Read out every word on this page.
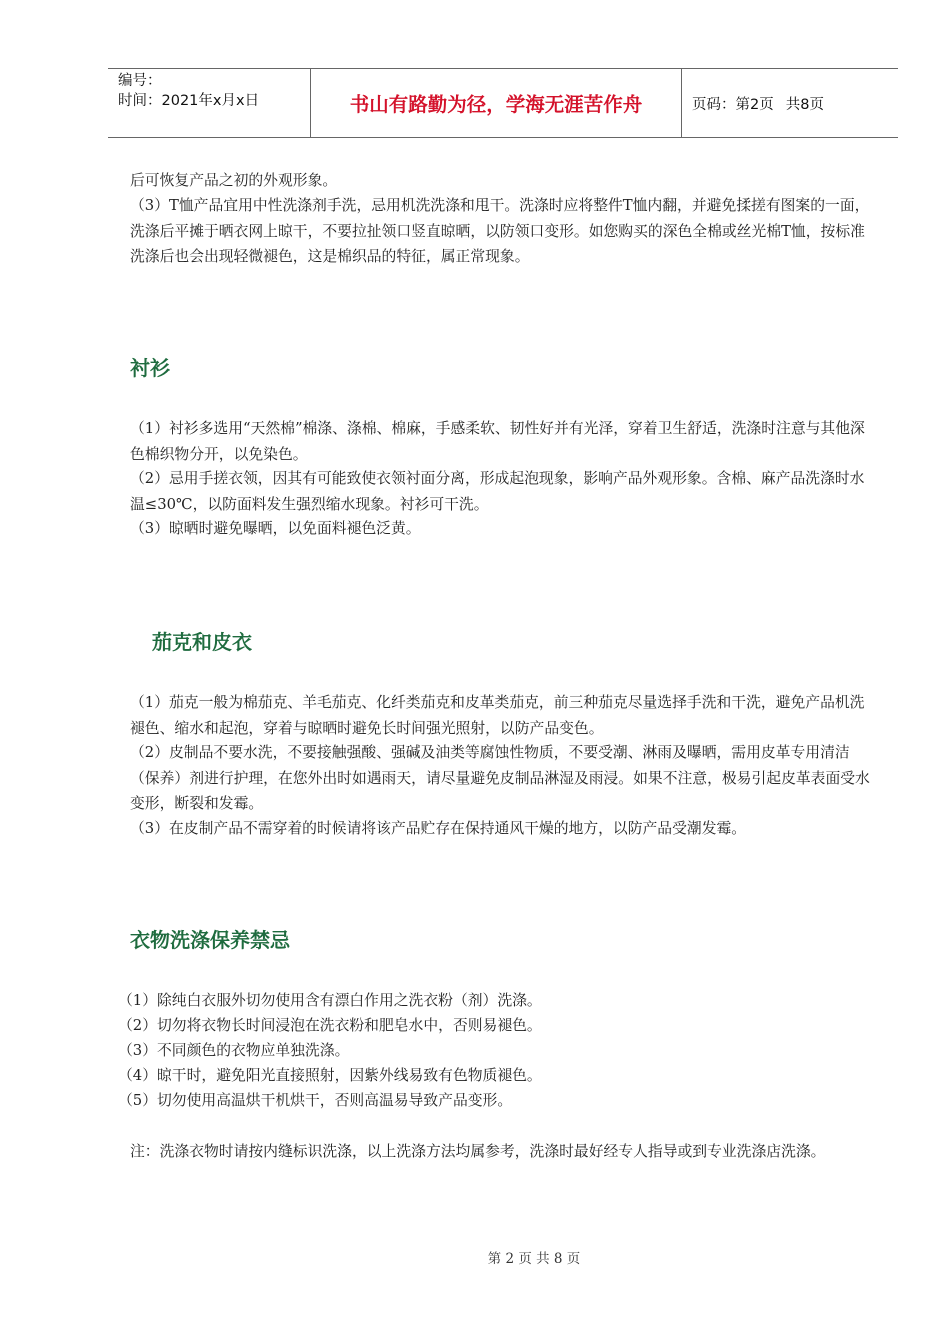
编号：
时间：2021年x月x日	书山有路勤为径，学海无涯苦作舟	页码：第2页 共8页

后可恢复产品之初的外观形象。

（3）T恤产品宜用中性洗涤剂手洗，忌用机洗洗涤和甩干。洗涤时应将整件T恤内翻，并避免揉搓有图案的一面，洗涤后平摊于晒衣网上晾干，不要拉扯领口竖直晾晒，以防领口变形。如您购买的深色全棉或丝光棉T恤，按标准洗涤后也会出现轻微褪色，这是棉织品的特征，属正常现象。

衬衫

（1）衬衫多选用“天然棉”棉涤、涤棉、棉麻，手感柔软、韧性好并有光泽，穿着卫生舒适，洗涤时注意与其他深色棉织物分开，以免染色。

（2）忌用手搓衣领，因其有可能致使衣领衬面分离，形成起泡现象，影响产品外观形象。含棉、麻产品洗涤时水温≤30℃，以防面料发生强烈缩水现象。衬衫可干洗。

（3）晾晒时避免曝晒，以免面料褪色泛黄。

茄克和皮衣

（1）茄克一般为棉茄克、羊毛茄克、化纤类茄克和皮革类茄克，前三种茄克尽量选择手洗和干洗，避免产品机洗褪色、缩水和起泡，穿着与晾晒时避免长时间强光照射，以防产品变色。

（2）皮制品不要水洗，不要接触强酸、强碱及油类等腐蚀性物质，不要受潮、淋雨及曝晒，需用皮革专用清洁（保养）剂进行护理，在您外出时如遇雨天，请尽量避免皮制品淋湿及雨浸。如果不注意，极易引起皮革表面受水变形，断裂和发霉。

（3）在皮制产品不需穿着的时候请将该产品贮存在保持通风干燥的地方，以防产品受潮发霉。

衣物洗涤保养禁忌

（1）除纯白衣服外切勿使用含有漂白作用之洗衣粉（剂）洗涤。

（2）切勿将衣物长时间浸泡在洗衣粉和肥皂水中，否则易褪色。

（3）不同颜色的衣物应单独洗涤。

（4）晾干时，避免阳光直接照射，因紫外线易致有色物质褪色。

（5）切勿使用高温烘干机烘干，否则高温易导致产品变形。

注：洗涤衣物时请按内缝标识洗涤，以上洗涤方法均属参考，洗涤时最好经专人指导或到专业洗涤店洗涤。

第 2 页 共 8 页
